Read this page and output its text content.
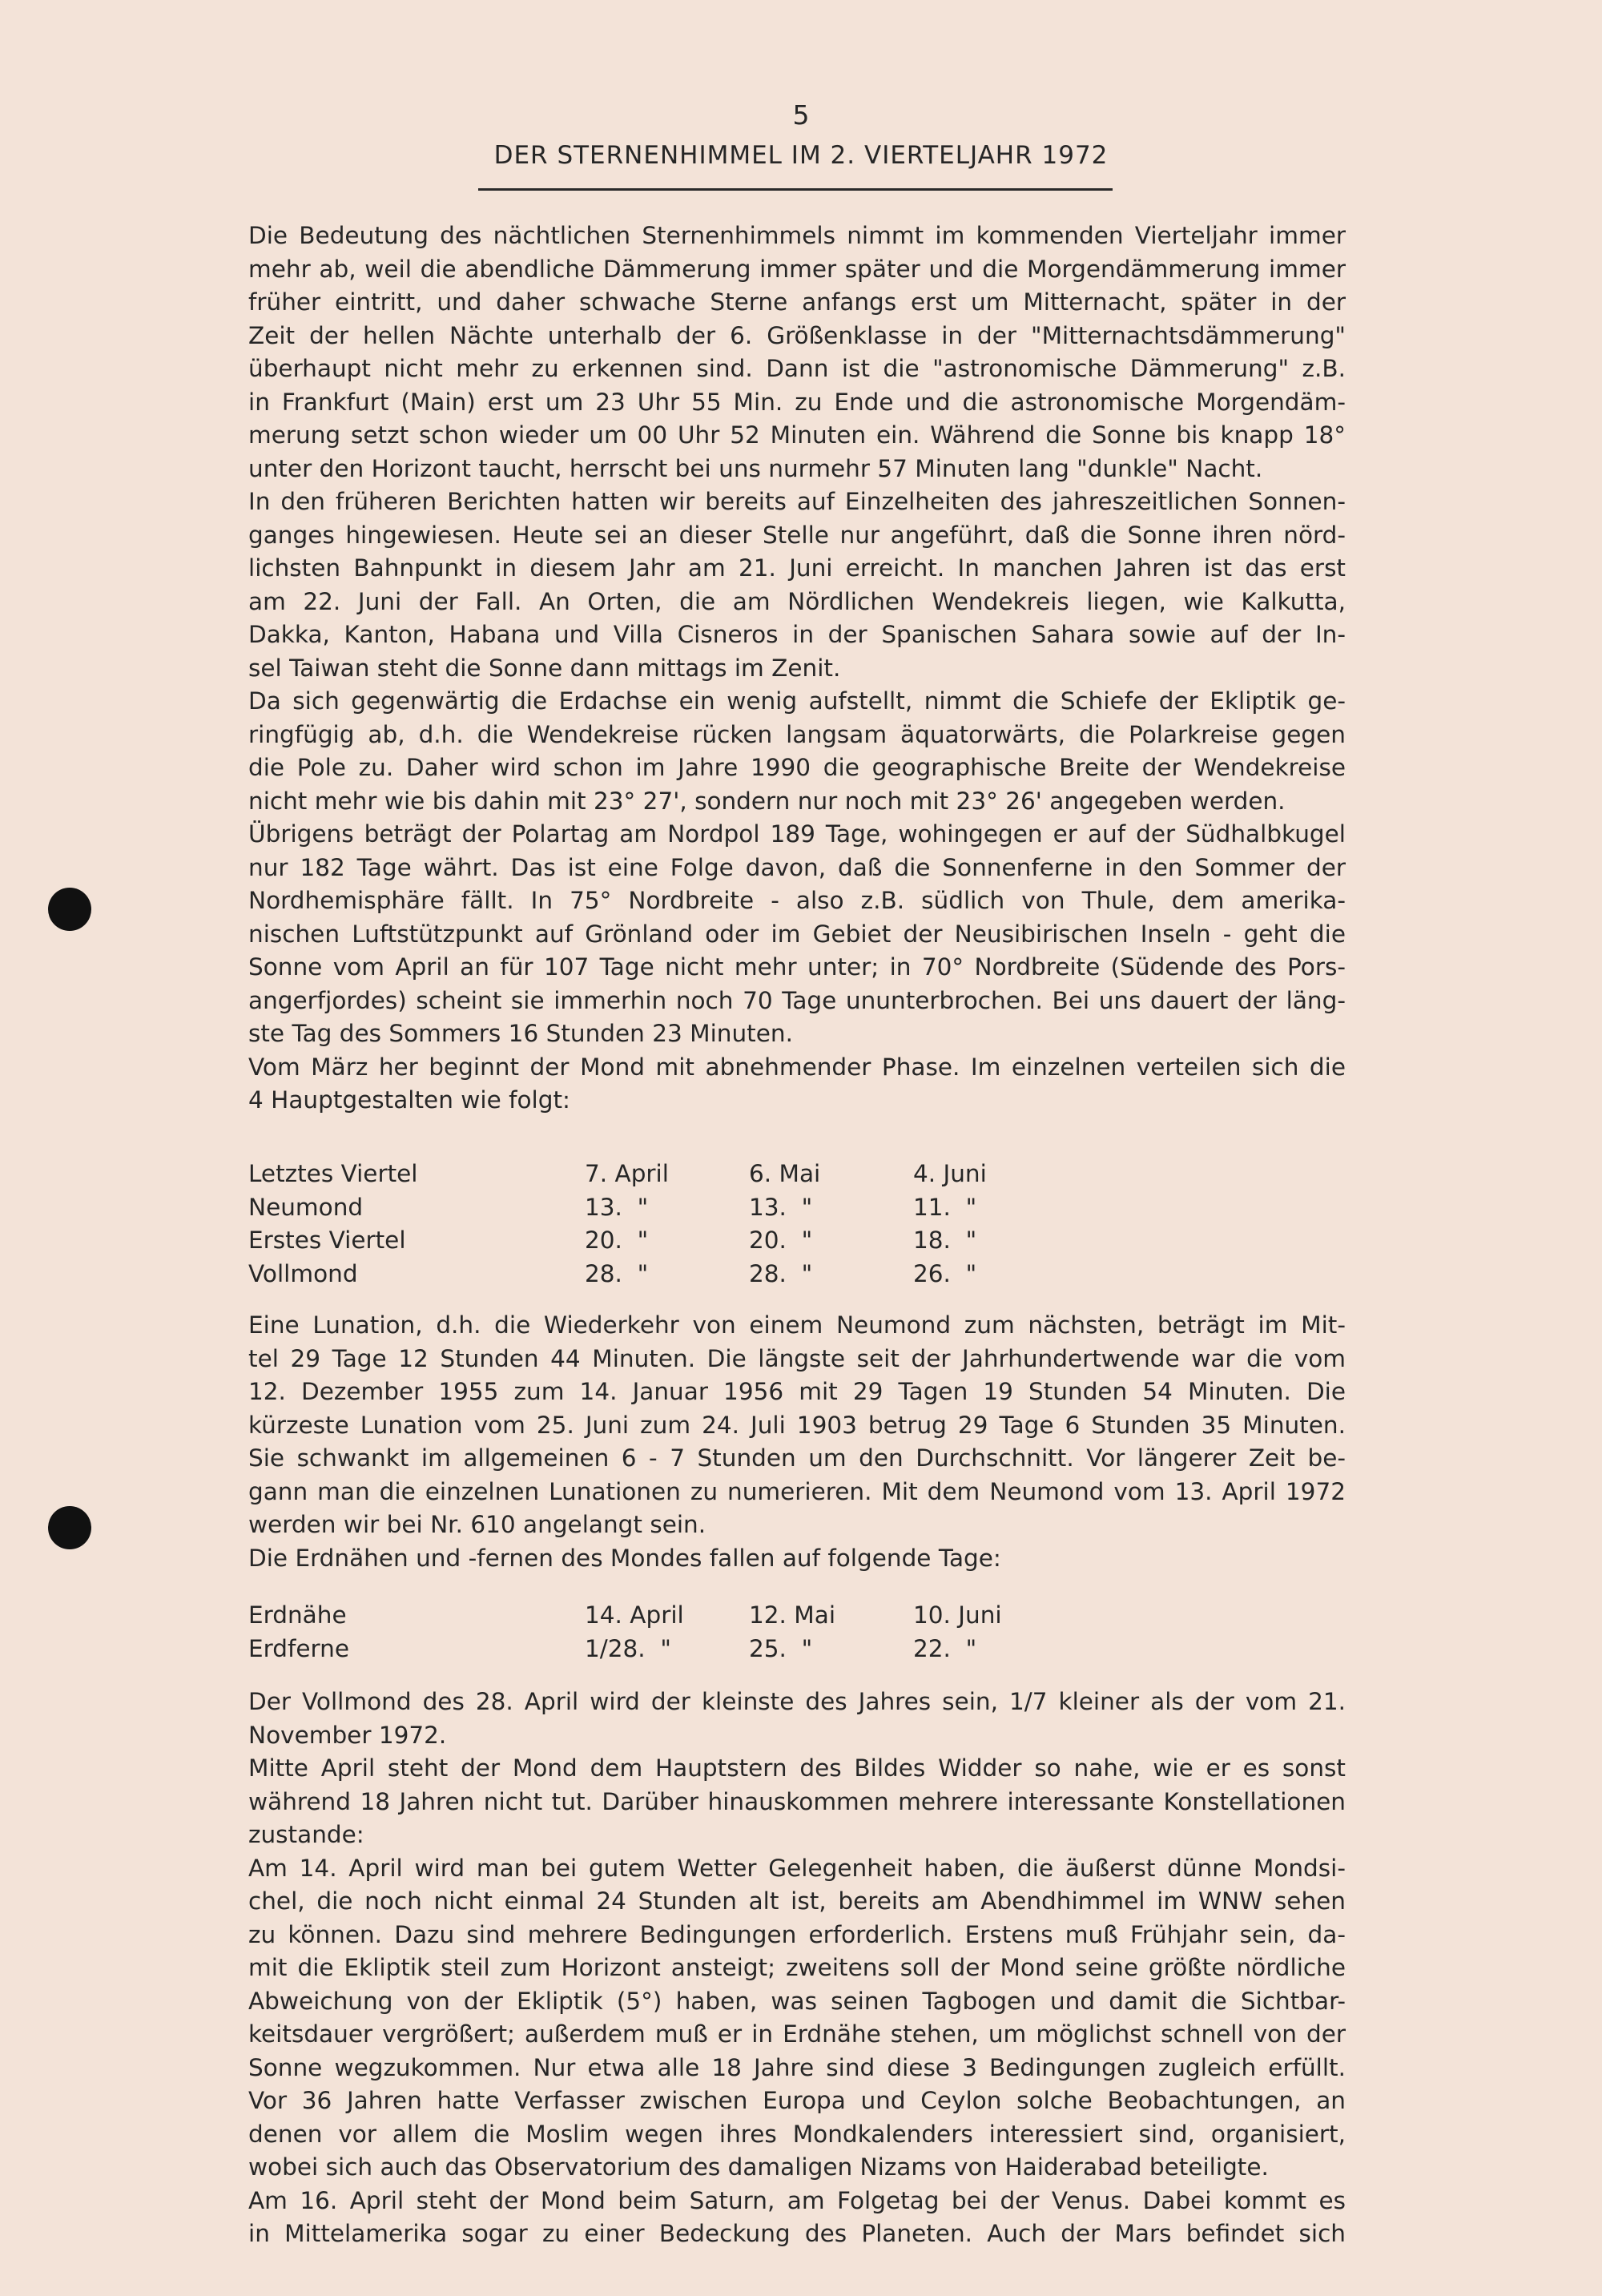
5
DER STERNENHIMMEL IM 2. VIERTELJAHR 1972
Die Bedeutung des nächtlichen Sternenhimmels nimmt im kommenden Vierteljahr immer
mehr ab, weil die abendliche Dämmerung immer später und die Morgendämmerung immer
früher eintritt, und daher schwache Sterne anfangs erst um Mitternacht, später in der
Zeit der hellen Nächte unterhalb der 6. Größenklasse in der "Mitternachtsdämmerung"
überhaupt nicht mehr zu erkennen sind. Dann ist die "astronomische Dämmerung" z.B.
in Frankfurt (Main) erst um 23 Uhr 55 Min. zu Ende und die astronomische Morgendäm-
merung setzt schon wieder um 00 Uhr 52 Minuten ein. Während die Sonne bis knapp 18°
unter den Horizont taucht, herrscht bei uns nurmehr 57 Minuten lang "dunkle" Nacht.
In den früheren Berichten hatten wir bereits auf Einzelheiten des jahreszeitlichen Sonnen-
ganges hingewiesen. Heute sei an dieser Stelle nur angeführt, daß die Sonne ihren nörd-
lichsten Bahnpunkt in diesem Jahr am 21. Juni erreicht. In manchen Jahren ist das erst
am 22. Juni der Fall. An Orten, die am Nördlichen Wendekreis liegen, wie Kalkutta,
Dakka, Kanton, Habana und Villa Cisneros in der Spanischen Sahara sowie auf der In-
sel Taiwan steht die Sonne dann mittags im Zenit.
Da sich gegenwärtig die Erdachse ein wenig aufstellt, nimmt die Schiefe der Ekliptik ge-
ringfügig ab, d.h. die Wendekreise rücken langsam äquatorwärts, die Polarkreise gegen
die Pole zu. Daher wird schon im Jahre 1990 die geographische Breite der Wendekreise
nicht mehr wie bis dahin mit 23° 27', sondern nur noch mit 23° 26' angegeben werden.
Übrigens beträgt der Polartag am Nordpol 189 Tage, wohingegen er auf der Südhalbkugel
nur 182 Tage währt. Das ist eine Folge davon, daß die Sonnenferne in den Sommer der
Nordhemisphäre fällt. In 75° Nordbreite - also z.B. südlich von Thule, dem amerika-
nischen Luftstützpunkt auf Grönland oder im Gebiet der Neusibirischen Inseln - geht die
Sonne vom April an für 107 Tage nicht mehr unter; in 70° Nordbreite (Südende des Pors-
angerfjordes) scheint sie immerhin noch 70 Tage ununterbrochen. Bei uns dauert der läng-
ste Tag des Sommers 16 Stunden 23 Minuten.
Vom März her beginnt der Mond mit abnehmender Phase. Im einzelnen verteilen sich die
4 Hauptgestalten wie folgt:
Letztes Viertel	7. April	6. Mai	4. Juni
Neumond	13.  "	13.  "	11.  "
Erstes Viertel	20.  "	20.  "	18.  "
Vollmond	28.  "	28.  "	26.  "
Eine Lunation, d.h. die Wiederkehr von einem Neumond zum nächsten, beträgt im Mit-
tel 29 Tage 12 Stunden 44 Minuten. Die längste seit der Jahrhundertwende war die vom
12. Dezember 1955 zum 14. Januar 1956 mit 29 Tagen 19 Stunden 54 Minuten. Die
kürzeste Lunation vom 25. Juni zum 24. Juli 1903 betrug 29 Tage 6 Stunden 35 Minuten.
Sie schwankt im allgemeinen 6 - 7 Stunden um den Durchschnitt. Vor längerer Zeit be-
gann man die einzelnen Lunationen zu numerieren. Mit dem Neumond vom 13. April 1972
werden wir bei Nr. 610 angelangt sein.
Die Erdnähen und -fernen des Mondes fallen auf folgende Tage:
Erdnähe	14. April	12. Mai	10. Juni
Erdferne	1/28.  "	25.  "	22.  "
Der Vollmond des 28. April wird der kleinste des Jahres sein, 1/7 kleiner als der vom 21.
November 1972.
Mitte April steht der Mond dem Hauptstern des Bildes Widder so nahe, wie er es sonst
während 18 Jahren nicht tut. Darüber hinauskommen mehrere interessante Konstellationen
zustande:
Am 14. April wird man bei gutem Wetter Gelegenheit haben, die äußerst dünne Mondsi-
chel, die noch nicht einmal 24 Stunden alt ist, bereits am Abendhimmel im WNW sehen
zu können. Dazu sind mehrere Bedingungen erforderlich. Erstens muß Frühjahr sein, da-
mit die Ekliptik steil zum Horizont ansteigt; zweitens soll der Mond seine größte nördliche
Abweichung von der Ekliptik (5°) haben, was seinen Tagbogen und damit die Sichtbar-
keitsdauer vergrößert; außerdem muß er in Erdnähe stehen, um möglichst schnell von der
Sonne wegzukommen. Nur etwa alle 18 Jahre sind diese 3 Bedingungen zugleich erfüllt.
Vor 36 Jahren hatte Verfasser zwischen Europa und Ceylon solche Beobachtungen, an
denen vor allem die Moslim wegen ihres Mondkalenders interessiert sind, organisiert,
wobei sich auch das Observatorium des damaligen Nizams von Haiderabad beteiligte.
Am 16. April steht der Mond beim Saturn, am Folgetag bei der Venus. Dabei kommt es
in Mittelamerika sogar zu einer Bedeckung des Planeten. Auch der Mars befindet sich
